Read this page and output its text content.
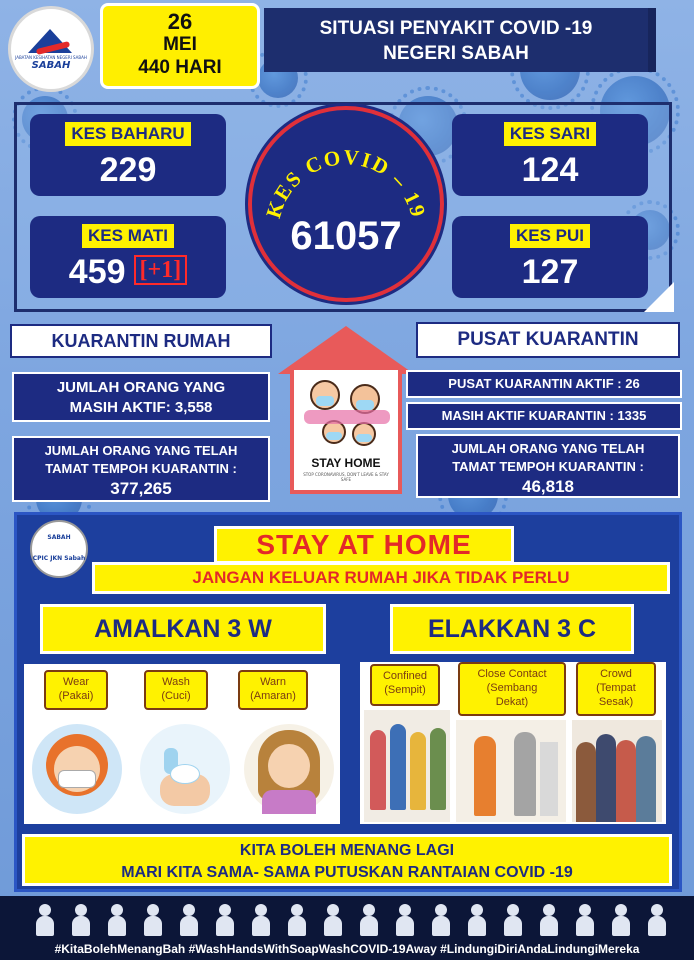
JABATAN KESIHATAN NEGERI SABAH
SABAH
26
MEI
440 HARI
SITUASI PENYAKIT COVID -19
NEGERI SABAH
KES BAHARU
229
KES MATI
459 [+1]
KES SARI
124
KES PUI
127
KES COVID – 19
61057
KUARANTIN RUMAH
JUMLAH ORANG YANG
MASIH AKTIF: 3,558
JUMLAH ORANG YANG TELAH
TAMAT TEMPOH KUARANTIN :
377,265
STAY HOME
STOP CORONAVIRUS, DON'T LEAVE & STAY SAFE
PUSAT KUARANTIN
PUSAT KUARANTIN AKTIF : 26
MASIH AKTIF KUARANTIN : 1335
JUMLAH ORANG YANG TELAH
TAMAT TEMPOH KUARANTIN :
46,818
SABAH
CPIC JKN Sabah	STAY AT HOME
JANGAN KELUAR RUMAH JIKA TIDAK PERLU
AMALKAN 3 W	ELAKKAN 3 C
Wear
(Pakai)
Wash
(Cuci)
Warn
(Amaran)
Confined
(Sempit)
Close Contact
(Sembang
Dekat)
Crowd
(Tempat
Sesak)
KITA BOLEH MENANG LAGI
MARI KITA SAMA- SAMA PUTUSKAN RANTAIAN COVID -19
#KitaBolehMenangBah #WashHandsWithSoapWashCOVID-19Away #LindungiDiriAndaLindungiMereka
